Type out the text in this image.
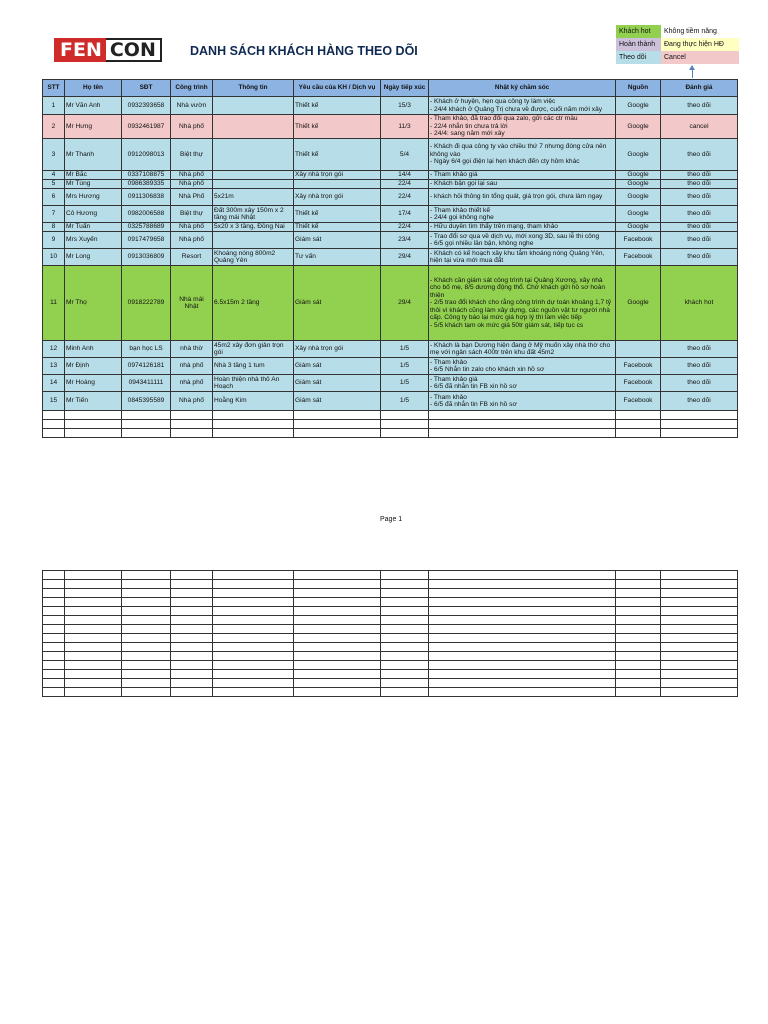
FEN CON	DANH SÁCH KHÁCH HÀNG THEO DÕI
Khách hot	Không tiềm năng
Hoàn thành	Đang thực hiện HĐ
Theo dõi	Cancel
STT	Họ tên	SĐT	Công trình	Thông tin	Yêu cầu của KH / Dịch vụ	Ngày tiếp xúc	Nhật ký chăm sóc	Nguồn	Đánh giá
1	Mr Văn Anh	0932393658	Nhà vườn		Thiết kế	15/3	- Khách ở huyện, hẹn qua công ty làm việc
- 24/4 khách ở Quảng Trị chưa về được, cuối năm mới xây	Google	theo dõi
2	Mr Hưng	0932461987	Nhà phố		Thiết kế	11/3	- Tham khảo, đã trao đổi qua zalo, gửi các ctr mẫu
- 22/4 nhắn tin chưa trả lời
- 24/4: sang năm mới xây	Google	cancel
3	Mr Thanh	0912098013	Biệt thự		Thiết kế	5/4	- Khách đi qua công ty vào chiều thứ 7 nhưng đóng cửa nên không vào
- Ngày 6/4 gọi điện lại hẹn khách đến cty hôm khác	Google	theo dõi
4	Mr Bắc	0337108875	Nhà phố		Xây nhà trọn gói	14/4	- Tham khảo giá	Google	theo dõi
5	Mr Tùng	0986389335	Nhà phố			22/4	- Khách bận gọi lại sau	Google	theo dõi
6	Mrs Hương	0911306838	Nhà Phố	5x21m	Xây nhà trọn gói	22/4	- khách hỏi thông tin tổng quát, giá trọn gói, chưa làm ngay	Google	theo dõi
7	Cô Hương	0982006588	Biệt thự	Đất 300m xây 150m x 2 tầng mái Nhật	Thiết kế	17/4	- Tham khảo thiết kế
- 24/4 gọi không nghe	Google	theo dõi
8	Mr Tuấn	0325788689	Nhà phố	5x20 x 3 tầng, Đồng Nai	Thiết kế	22/4	- Hữu duyên tìm thấy trên mạng, tham khảo	Google	theo dõi
9	Mrs Xuyến	0917479658	Nhà phố		Giám sát	23/4	- Trao đổi sơ qua về dịch vụ, mới xong 3D, sau lễ thi công
- 6/5 gọi nhiều lần bận, không nghe	Facebook	theo dõi
10	Mr Long	0913036809	Resort	Khoáng nóng 800m2 Quảng Yên	Tư vấn	29/4	- Khách có kế hoạch xây khu tắm khoáng nóng Quảng Yên, hiện tại vừa mới mua đất	Facebook	theo dõi
11	Mr Thọ	0918222789	Nhà mái Nhật	6.5x15m 2 tầng	Giám sát	29/4	- Khách cần giám sát công trình tại Quảng Xương, xây nhà cho bố mẹ, 8/5 dương động thổ. Chờ khách gửi hồ sơ hoàn thiện
- 2/5 trao đổi khách cho rằng công trình dự toán khoảng 1,7 tỷ thôi vì khách cũng làm xây dựng, các nguồn vật tư người nhà cấp. Công ty báo lại mức giá hợp lý thì làm việc tiếp
- 5/5 khách tạm ok mức giá 50tr giám sát, tiếp tục cs	Google	khách hot
12	Minh Anh	bạn học LS	nhà thờ	45m2 xây đơn giản trọn gói	Xây nhà trọn gói	1/5	- Khách là bạn Dương hiện đang ở Mỹ muốn xây nhà thờ cho mẹ với ngân sách 400tr trên khu đất 45m2		theo dõi
13	Mr Định	0974126181	nhà phố	Nhà 3 tầng 1 tum	Giám sát	1/5	- Tham khảo
- 6/5 Nhắn tin zalo cho khách xin hồ sơ	Facebook	theo dõi
14	Mr Hoàng	0943411111	nhà phố	Hoàn thiện nhà thô An Hoạch	Giám sát	1/5	- Tham khảo giá
- 6/5 đã nhắn tin FB xin hồ sơ	Facebook	theo dõi
15	Mr Tiến	0845395589	Nhà phố	Hoằng Kim	Giám sát	1/5	- Tham khảo
- 6/5 đã nhắn tin FB xin hồ sơ	Facebook	theo dõi

Page 1
